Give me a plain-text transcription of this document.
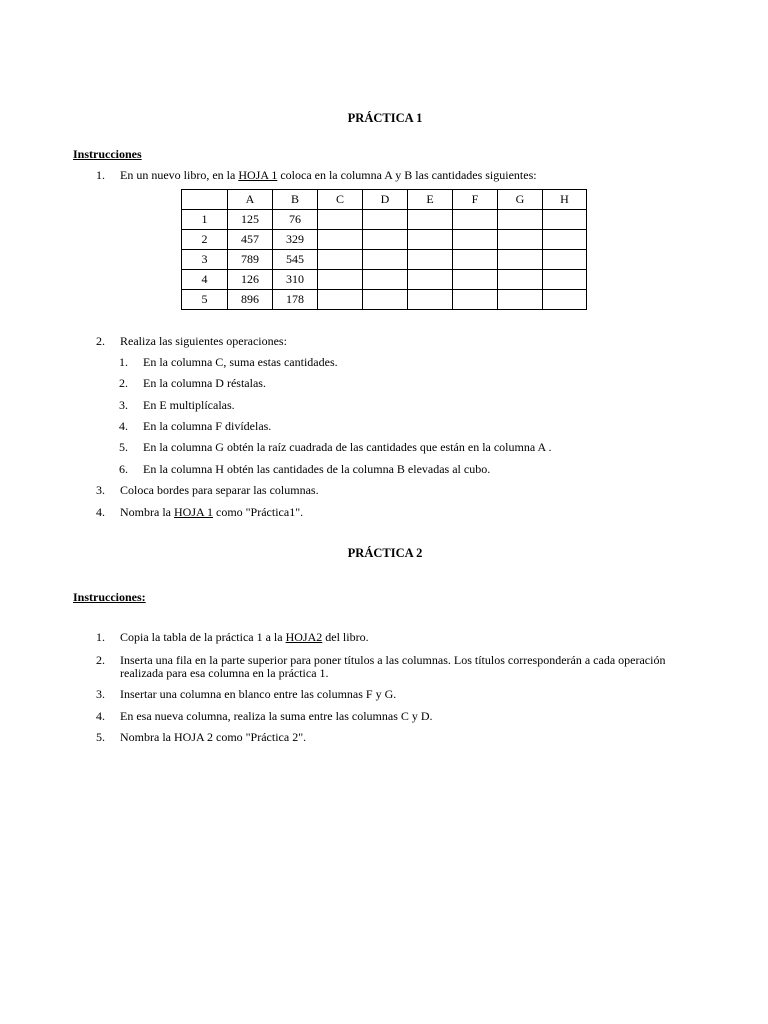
PRÁCTICA 1
Instrucciones
1. En un nuevo libro, en la HOJA 1 coloca en la columna A y B las cantidades siguientes:
	A	B	C	D	E	F	G	H
1	125	76						
2	457	329						
3	789	545						
4	126	310						
5	896	178						
2. Realiza las siguientes operaciones:
1. En la columna C, suma estas cantidades.
2. En la columna D réstalas.
3. En E multiplícalas.
4. En la columna F divídelas.
5. En la columna G obtén la raíz cuadrada de las cantidades que están en la columna A .
6. En la columna H obtén las cantidades de la columna B elevadas al cubo.
3. Coloca bordes para separar las columnas.
4. Nombra la HOJA 1 como "Práctica1".
PRÁCTICA 2
Instrucciones:
1. Copia la tabla de la práctica 1 a la HOJA2 del libro.
2. Inserta una fila en la parte superior para poner títulos a las columnas. Los títulos corresponderán a cada operación realizada para esa columna en la práctica 1.
3. Insertar una columna en blanco entre las columnas F y G.
4. En esa nueva columna, realiza la suma entre las columnas C y D.
5. Nombra la HOJA 2 como "Práctica 2".
